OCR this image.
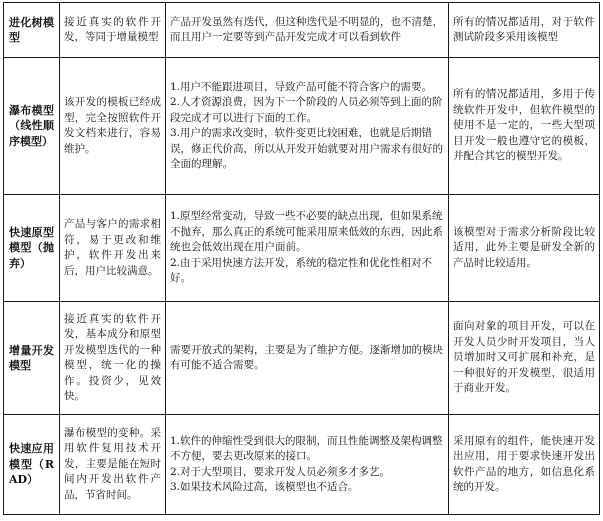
进化树模型	接近真实的软件开发，等同于增量模型	产品开发虽然有迭代，但这种迭代是不明显的，也不清楚，而且用户一定要等到产品开发完成才可以看到软件	所有的情况都适用，对于软件测试阶段多采用该模型
瀑布模型（线性顺序模型）	该开发的模板已经成型，完全按照软件开发文档来进行，容易维护。	1.用户不能跟进项目，导致产品可能不符合客户的需要。
2.人才资源浪费，因为下一个阶段的人员必须等到上面的阶段完成才可以进行下面的工作。
3.用户的需求改变时，软件变更比较困难，也就是后期错误，修正代价高，所以从开发开始就要对用户需求有很好的全面的理解。	所有的情况都适用，多用于传统软件开发中，但软件模型的使用不是一定的，一些大型项目开发一般也遵守它的模板，并配合其它的模型开发。
快速原型模型（抛弃）	产品与客户的需求相符，易于更改和维护，软件开发出来后，用户比较满意。	1.原型经常变动，导致一些不必要的缺点出现，但如果系统不抛弃，那么真正的系统可能采用原来低效的东西，因此系统也会低效出现在用户面前。
2.由于采用快速方法开发，系统的稳定性和优化性相对不好。	该模型对于需求分析阶段比较适用，此外主要是研发全新的产品时比较适用。
增量开发模型	接近真实的软件开发，基本成分和原型开发模型迭代的一种模型，统一化的操作。投资少，见效快。	需要开放式的架构，主要是为了维护方便。逐渐增加的模块有可能不适合需要。	面向对象的项目开发，可以在开发人员少时开发项目，当人员增加时又可扩展和补充，是一种很好的开发模型，很适用于商业开发。
快速应用模型（RAD）	瀑布模型的变种。采用软件复用技术开发，主要是能在短时间内开发出软件产品，节省时间。	1.软件的伸缩性受到很大的限制，而且性能调整及架构调整不方便，要去更改原来的接口。
2.对于大型项目，要求开发人员必须多才多艺。
3.如果技术风险过高，该模型也不适合。	采用原有的组件，能快速开发出应用，用于要求快速开发出软件产品的地方，如信息化系统的开发。
